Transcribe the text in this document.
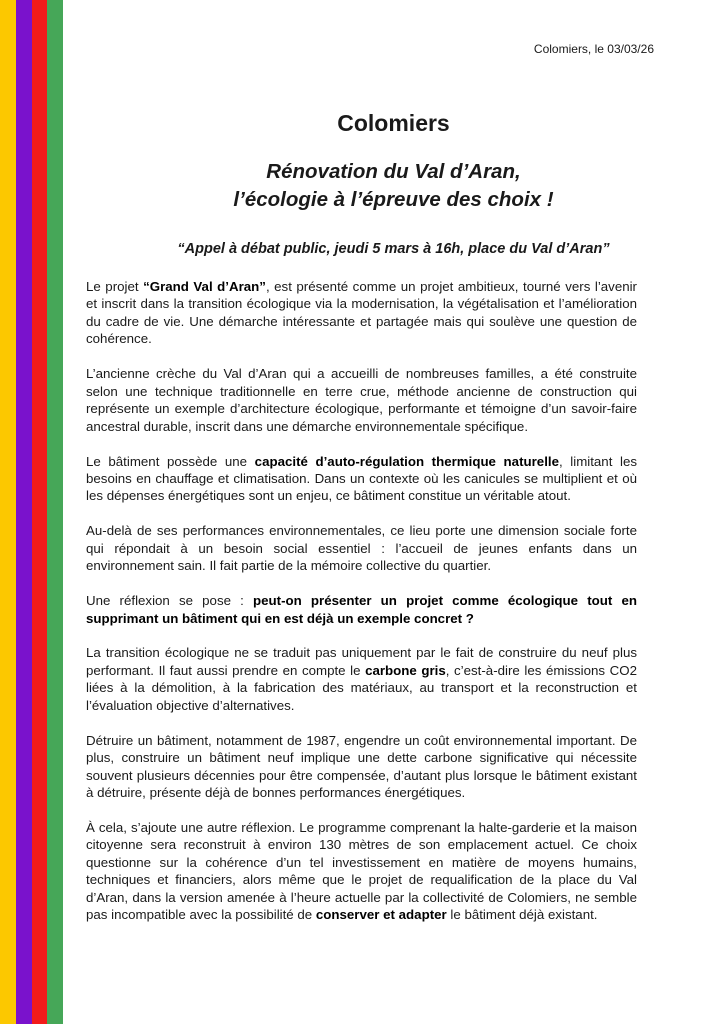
Colomiers, le 03/03/26
Colomiers
Rénovation du Val d’Aran,
l’écologie à l’épreuve des choix !
“Appel à débat public, jeudi 5 mars à 16h, place du Val d’Aran”

Le projet “Grand Val d’Aran”, est présenté comme un projet ambitieux, tourné vers l’avenir et inscrit dans la transition écologique via la modernisation, la végétalisation et l’amélioration du cadre de vie. Une démarche intéressante et partagée mais qui soulève une question de cohérence.

L’ancienne crèche du Val d’Aran qui a accueilli de nombreuses familles, a été construite selon une technique traditionnelle en terre crue, méthode ancienne de construction qui représente un exemple d’architecture écologique, performante et témoigne d’un savoir-faire ancestral durable, inscrit dans une démarche environnementale spécifique.

Le bâtiment possède une capacité d’auto-régulation thermique naturelle, limitant les besoins en chauffage et climatisation. Dans un contexte où les canicules se multiplient et où les dépenses énergétiques sont un enjeu, ce bâtiment constitue un véritable atout.

Au-delà de ses performances environnementales, ce lieu porte une dimension sociale forte qui répondait à un besoin social essentiel : l’accueil de jeunes enfants dans un environnement sain. Il fait partie de la mémoire collective du quartier.

Une réflexion se pose : peut-on présenter un projet comme écologique tout en supprimant un bâtiment qui en est déjà un exemple concret ?

La transition écologique ne se traduit pas uniquement par le fait de construire du neuf plus performant. Il faut aussi prendre en compte le carbone gris, c’est-à-dire les émissions CO2 liées à la démolition, à la fabrication des matériaux, au transport et la reconstruction et l’évaluation objective d’alternatives.

Détruire un bâtiment, notamment de 1987, engendre un coût environnemental important. De plus, construire un bâtiment neuf implique une dette carbone significative qui nécessite souvent plusieurs décennies pour être compensée, d’autant plus lorsque le bâtiment existant à détruire, présente déjà de bonnes performances énergétiques.

À cela, s’ajoute une autre réflexion. Le programme comprenant la halte-garderie et la maison citoyenne sera reconstruit à environ 130 mètres de son emplacement actuel. Ce choix questionne sur la cohérence d’un tel investissement en matière de moyens humains, techniques et financiers, alors même que le projet de requalification de la place du Val d’Aran, dans la version amenée à l’heure actuelle par la collectivité de Colomiers, ne semble pas incompatible avec la possibilité de conserver et adapter le bâtiment déjà existant.
